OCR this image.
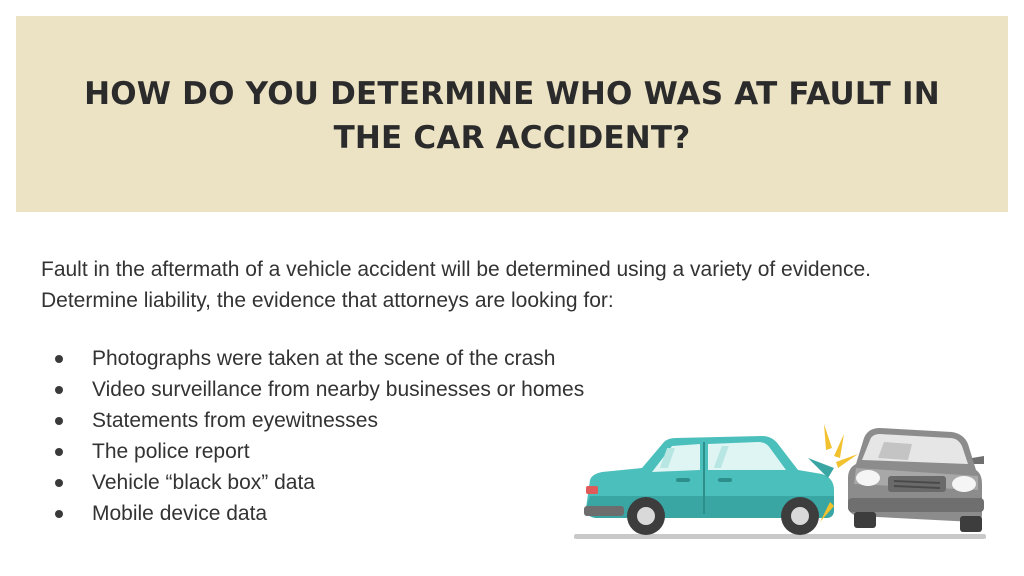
HOW DO YOU DETERMINE WHO WAS AT FAULT IN THE CAR ACCIDENT?

Fault in the aftermath of a vehicle accident will be determined using a variety of evidence.
Determine liability, the evidence that attorneys are looking for:

Photographs were taken at the scene of the crash
Video surveillance from nearby businesses or homes
Statements from eyewitnesses
The police report
Vehicle “black box” data
Mobile device data
